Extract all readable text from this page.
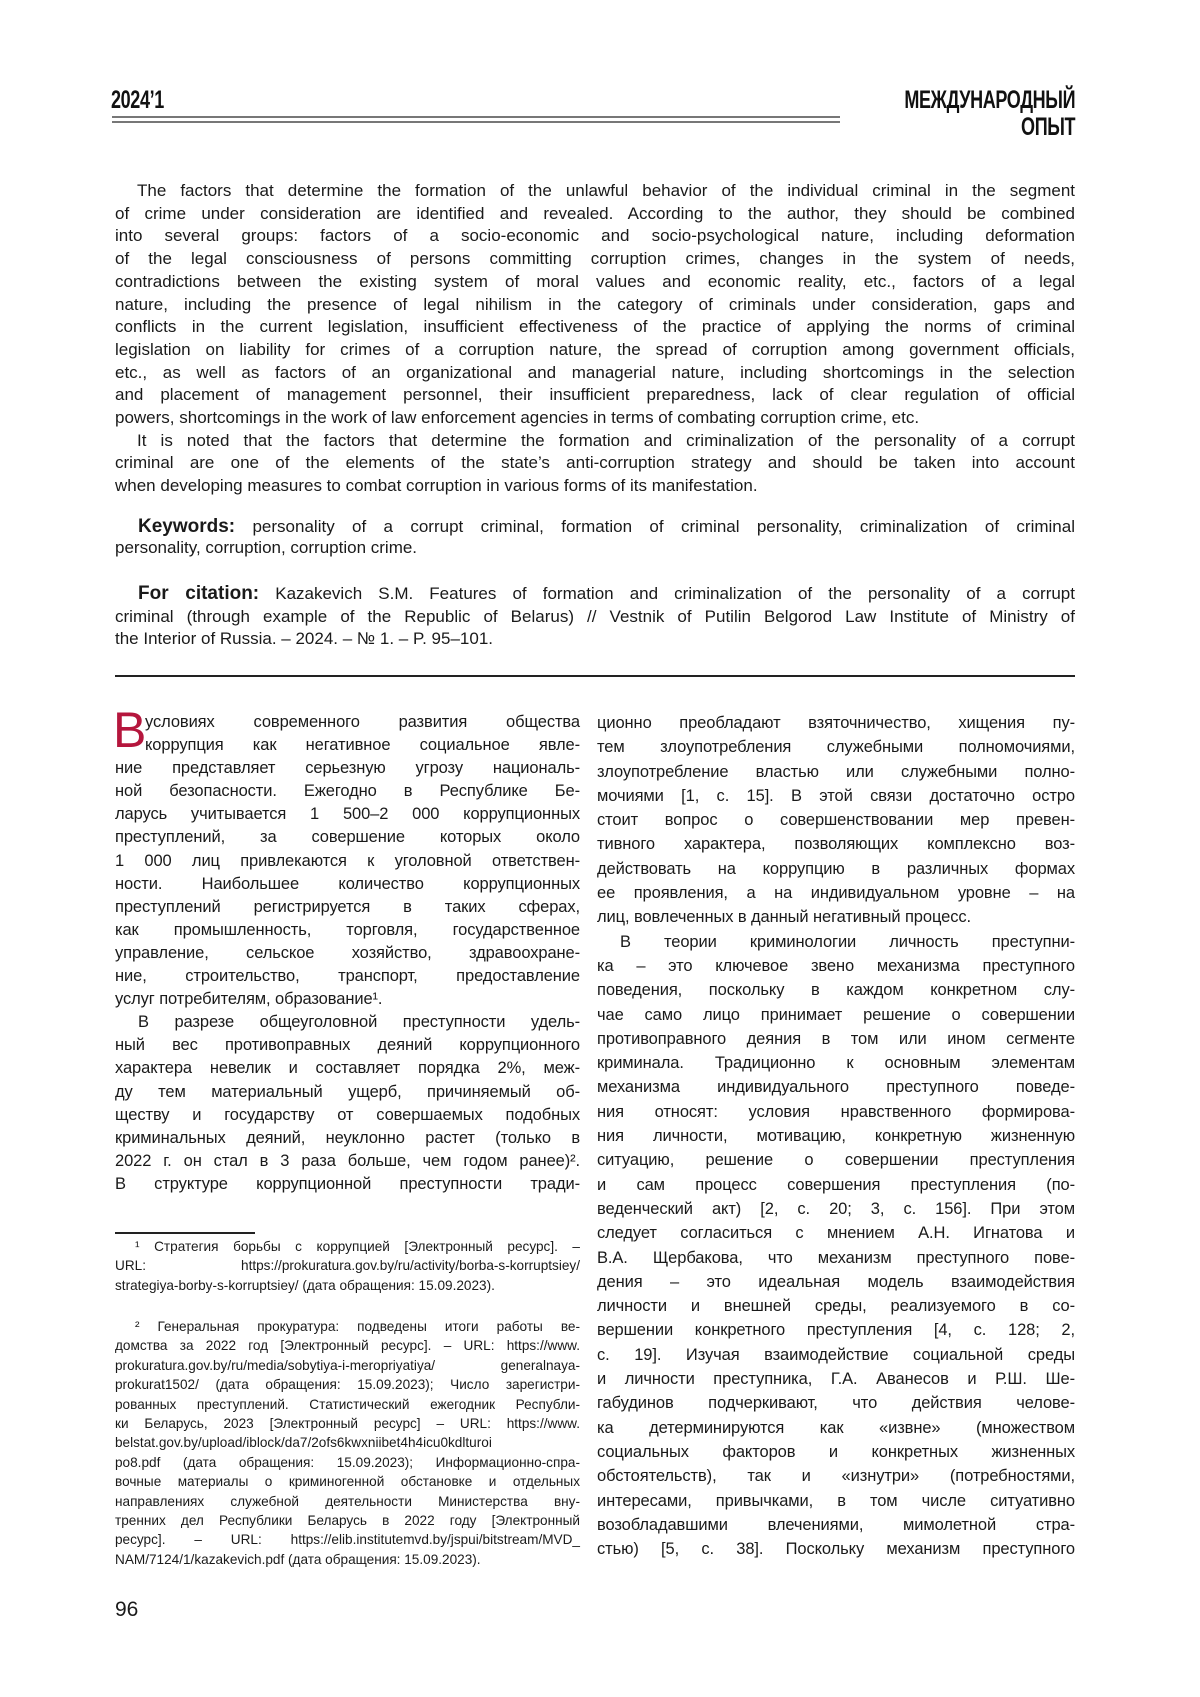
2024’1	МЕЖДУНАРОДНЫЙ
ОПЫТ
The factors that determine the formation of the unlawful behavior of the individual criminal in the segment
of crime under consideration are identified and revealed. According to the author, they should be combined
into several groups: factors of a socio-economic and socio-psychological nature, including deformation
of the legal consciousness of persons committing corruption crimes, changes in the system of needs,
contradictions between the existing system of moral values and economic reality, etc., factors of a legal
nature, including the presence of legal nihilism in the category of criminals under consideration, gaps and
conflicts in the current legislation, insufficient effectiveness of the practice of applying the norms of criminal
legislation on liability for crimes of a corruption nature, the spread of corruption among government officials,
etc., as well as factors of an organizational and managerial nature, including shortcomings in the selection
and placement of management personnel, their insufficient preparedness, lack of clear regulation of official
powers, shortcomings in the work of law enforcement agencies in terms of combating corruption crime, etc.
It is noted that the factors that determine the formation and criminalization of the personality of a corrupt
criminal are one of the elements of the state’s anti-corruption strategy and should be taken into account
when developing measures to combat corruption in various forms of its manifestation.
Keywords: personality of a corrupt criminal, formation of criminal personality, criminalization of criminal
personality, corruption, corruption crime.
For citation: Kazakevich S.M. Features of formation and criminalization of the personality of a corrupt
criminal (through example of the Republic of Belarus) // Vestnik of Putilin Belgorod Law Institute of Ministry of
the Interior of Russia. – 2024. – № 1. – P. 95–101.
В
условиях современного развития общества
коррупция как негативное социальное явле-
ние представляет серьезную угрозу националь-
ной безопасности. Ежегодно в Республике Бе-
ларусь учитывается 1 500–2 000 коррупционных
преступлений, за совершение которых около
1 000 лиц привлекаются к уголовной ответствен-
ности. Наибольшее количество коррупционных
преступлений регистрируется в таких сферах,
как промышленность, торговля, государственное
управление, сельское хозяйство, здравоохране-
ние, строительство, транспорт, предоставление
услуг потребителям, образование¹.
В разрезе общеуголовной преступности удель-
ный вес противоправных деяний коррупционного
характера невелик и составляет порядка 2%, меж-
ду тем материальный ущерб, причиняемый об-
ществу и государству от совершаемых подобных
криминальных деяний, неуклонно растет (только в
2022 г. он стал в 3 раза больше, чем годом ранее)².
В структуре коррупционной преступности тради-
ционно преобладают взяточничество, хищения пу-
тем злоупотребления служебными полномочиями,
злоупотребление властью или служебными полно-
мочиями [1, с. 15]. В этой связи достаточно остро
стоит вопрос о совершенствовании мер превен-
тивного характера, позволяющих комплексно воз-
действовать на коррупцию в различных формах
ее проявления, а на индивидуальном уровне – на
лиц, вовлеченных в данный негативный процесс.
В теории криминологии личность преступни-
ка – это ключевое звено механизма преступного
поведения, поскольку в каждом конкретном слу-
чае само лицо принимает решение о совершении
противоправного деяния в том или ином сегменте
криминала. Традиционно к основным элементам
механизма индивидуального преступного поведе-
ния относят: условия нравственного формирова-
ния личности, мотивацию, конкретную жизненную
ситуацию, решение о совершении преступления
и сам процесс совершения преступления (по-
веденческий акт) [2, с. 20; 3, с. 156]. При этом
следует согласиться с мнением А.Н. Игнатова и
В.А. Щербакова, что механизм преступного пове-
дения – это идеальная модель взаимодействия
личности и внешней среды, реализуемого в со-
вершении конкретного преступления [4, с. 128; 2,
с. 19]. Изучая взаимодействие социальной среды
и личности преступника, Г.А. Аванесов и Р.Ш. Ше-
габудинов подчеркивают, что действия челове-
ка детерминируются как «извне» (множеством
социальных факторов и конкретных жизненных
обстоятельств), так и «изнутри» (потребностями,
интересами, привычками, в том числе ситуативно
возобладавшими влечениями, мимолетной стра-
стью) [5, с. 38]. Поскольку механизм преступного
¹ Стратегия борьбы с коррупцией [Электронный ресурс]. –
URL: https://prokuratura.gov.by/ru/activity/borba-s-korruptsiey/
strategiya-borby-s-korruptsiey/ (дата обращения: 15.09.2023).
² Генеральная прокуратура: подведены итоги работы ве-
домства за 2022 год [Электронный ресурс]. – URL: https://www.
prokuratura.gov.by/ru/media/sobytiya-i-meropriyatiya/ generalnaya-
prokurat1502/ (дата обращения: 15.09.2023); Число зарегистри-
рованных преступлений. Статистический ежегодник Республи-
ки Беларусь, 2023 [Электронный ресурс] – URL: https://www.
belstat.gov.by/upload/iblock/da7/2ofs6kwxniibet4h4icu0kdlturoi
po8.pdf (дата обращения: 15.09.2023); Информационно-спра-
вочные материалы о криминогенной обстановке и отдельных
направлениях служебной деятельности Министерства вну-
тренних дел Республики Беларусь в 2022 году [Электронный
ресурс]. – URL: https://elib.institutemvd.by/jspui/bitstream/MVD_
NAM/7124/1/kazakevich.pdf (дата обращения: 15.09.2023).
96
